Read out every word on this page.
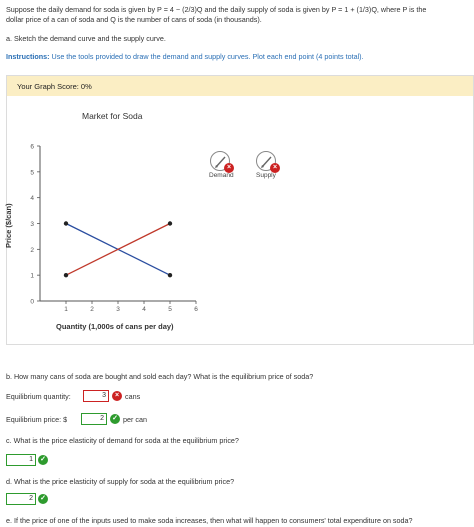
Suppose the daily demand for soda is given by P = 4 − (2/3)Q and the daily supply of soda is given by P = 1 + (1/3)Q, where P is the
dollar price of a can of soda and Q is the number of cans of soda (in thousands).
a. Sketch the demand curve and the supply curve.
Instructions: Use the tools provided to draw the demand and supply curves. Plot each end point (4 points total).
Your Graph Score: 0%
Market for Soda
×
Demand
×
Supply
Price ($/can)
Quantity (1,000s of cans per day)
0
1
2
3
4
5
6
1	2	3	4	5	6
b. How many cans of soda are bought and sold each day? What is the equilibrium price of soda?
Equilibrium quantity:	3	× cans
Equilibrium price: $	2	✓ per can
c. What is the price elasticity of demand for soda at the equilibrium price?
1	✓
d. What is the price elasticity of supply for soda at the equilibrium price?
2	✓
e. If the price of one of the inputs used to make soda increases, then what will happen to consumers' total expenditure on soda?
